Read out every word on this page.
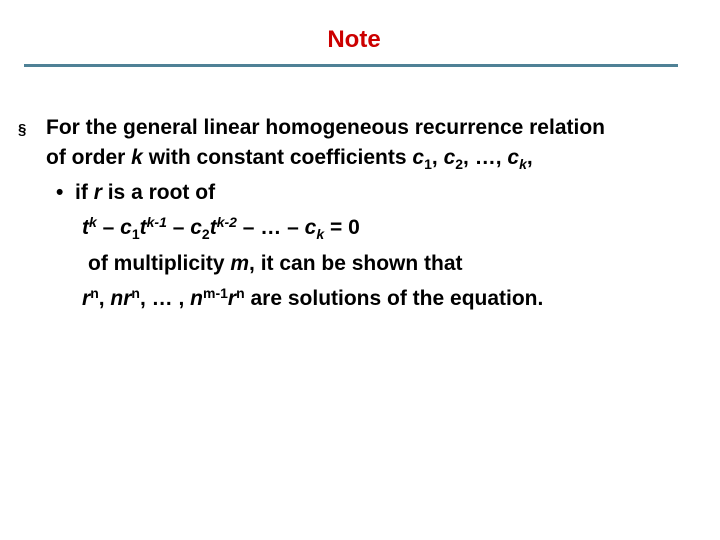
Note
§ For the general linear homogeneous recurrence relation
of order k with constant coefficients $c_1$, $c_2$, …, $c_k$,
• if r is a root of
$t^k - c_1t^{k-1} - c_2t^{k-2}$ – … – $c_k = 0$
of multiplicity m, it can be shown that
$r^n$, $nr^n$, … , $n^{m-1}r^n$ are solutions of the equation.
